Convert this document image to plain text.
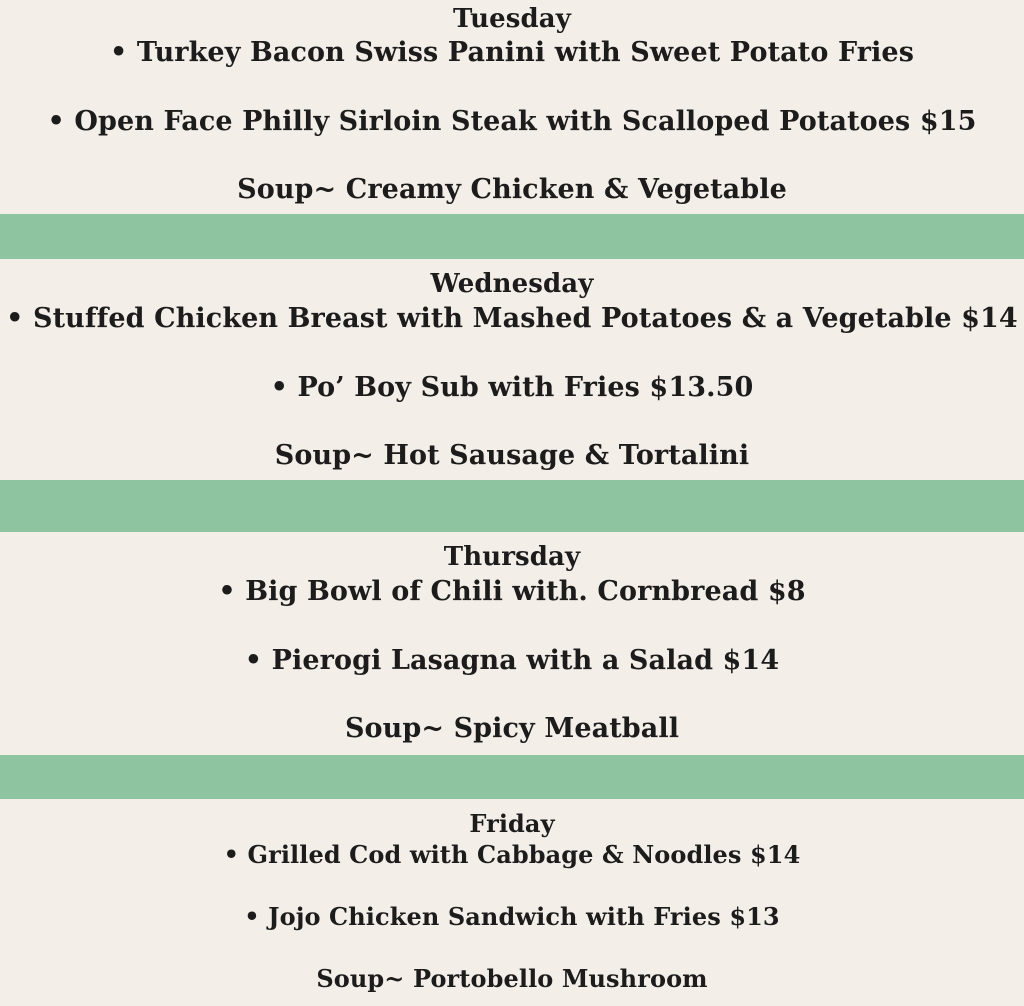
Tuesday
• Turkey Bacon Swiss Panini with Sweet Potato Fries
• Open Face Philly Sirloin Steak with Scalloped Potatoes $15
Soup~ Creamy Chicken & Vegetable
Wednesday
• Stuffed Chicken Breast with Mashed Potatoes & a Vegetable $14
• Po’ Boy Sub with Fries $13.50
Soup~ Hot Sausage & Tortalini
Thursday
• Big Bowl of Chili with. Cornbread $8
• Pierogi Lasagna with a Salad $14
Soup~ Spicy Meatball
Friday
• Grilled Cod with Cabbage & Noodles $14
• Jojo Chicken Sandwich with Fries $13
Soup~ Portobello Mushroom
